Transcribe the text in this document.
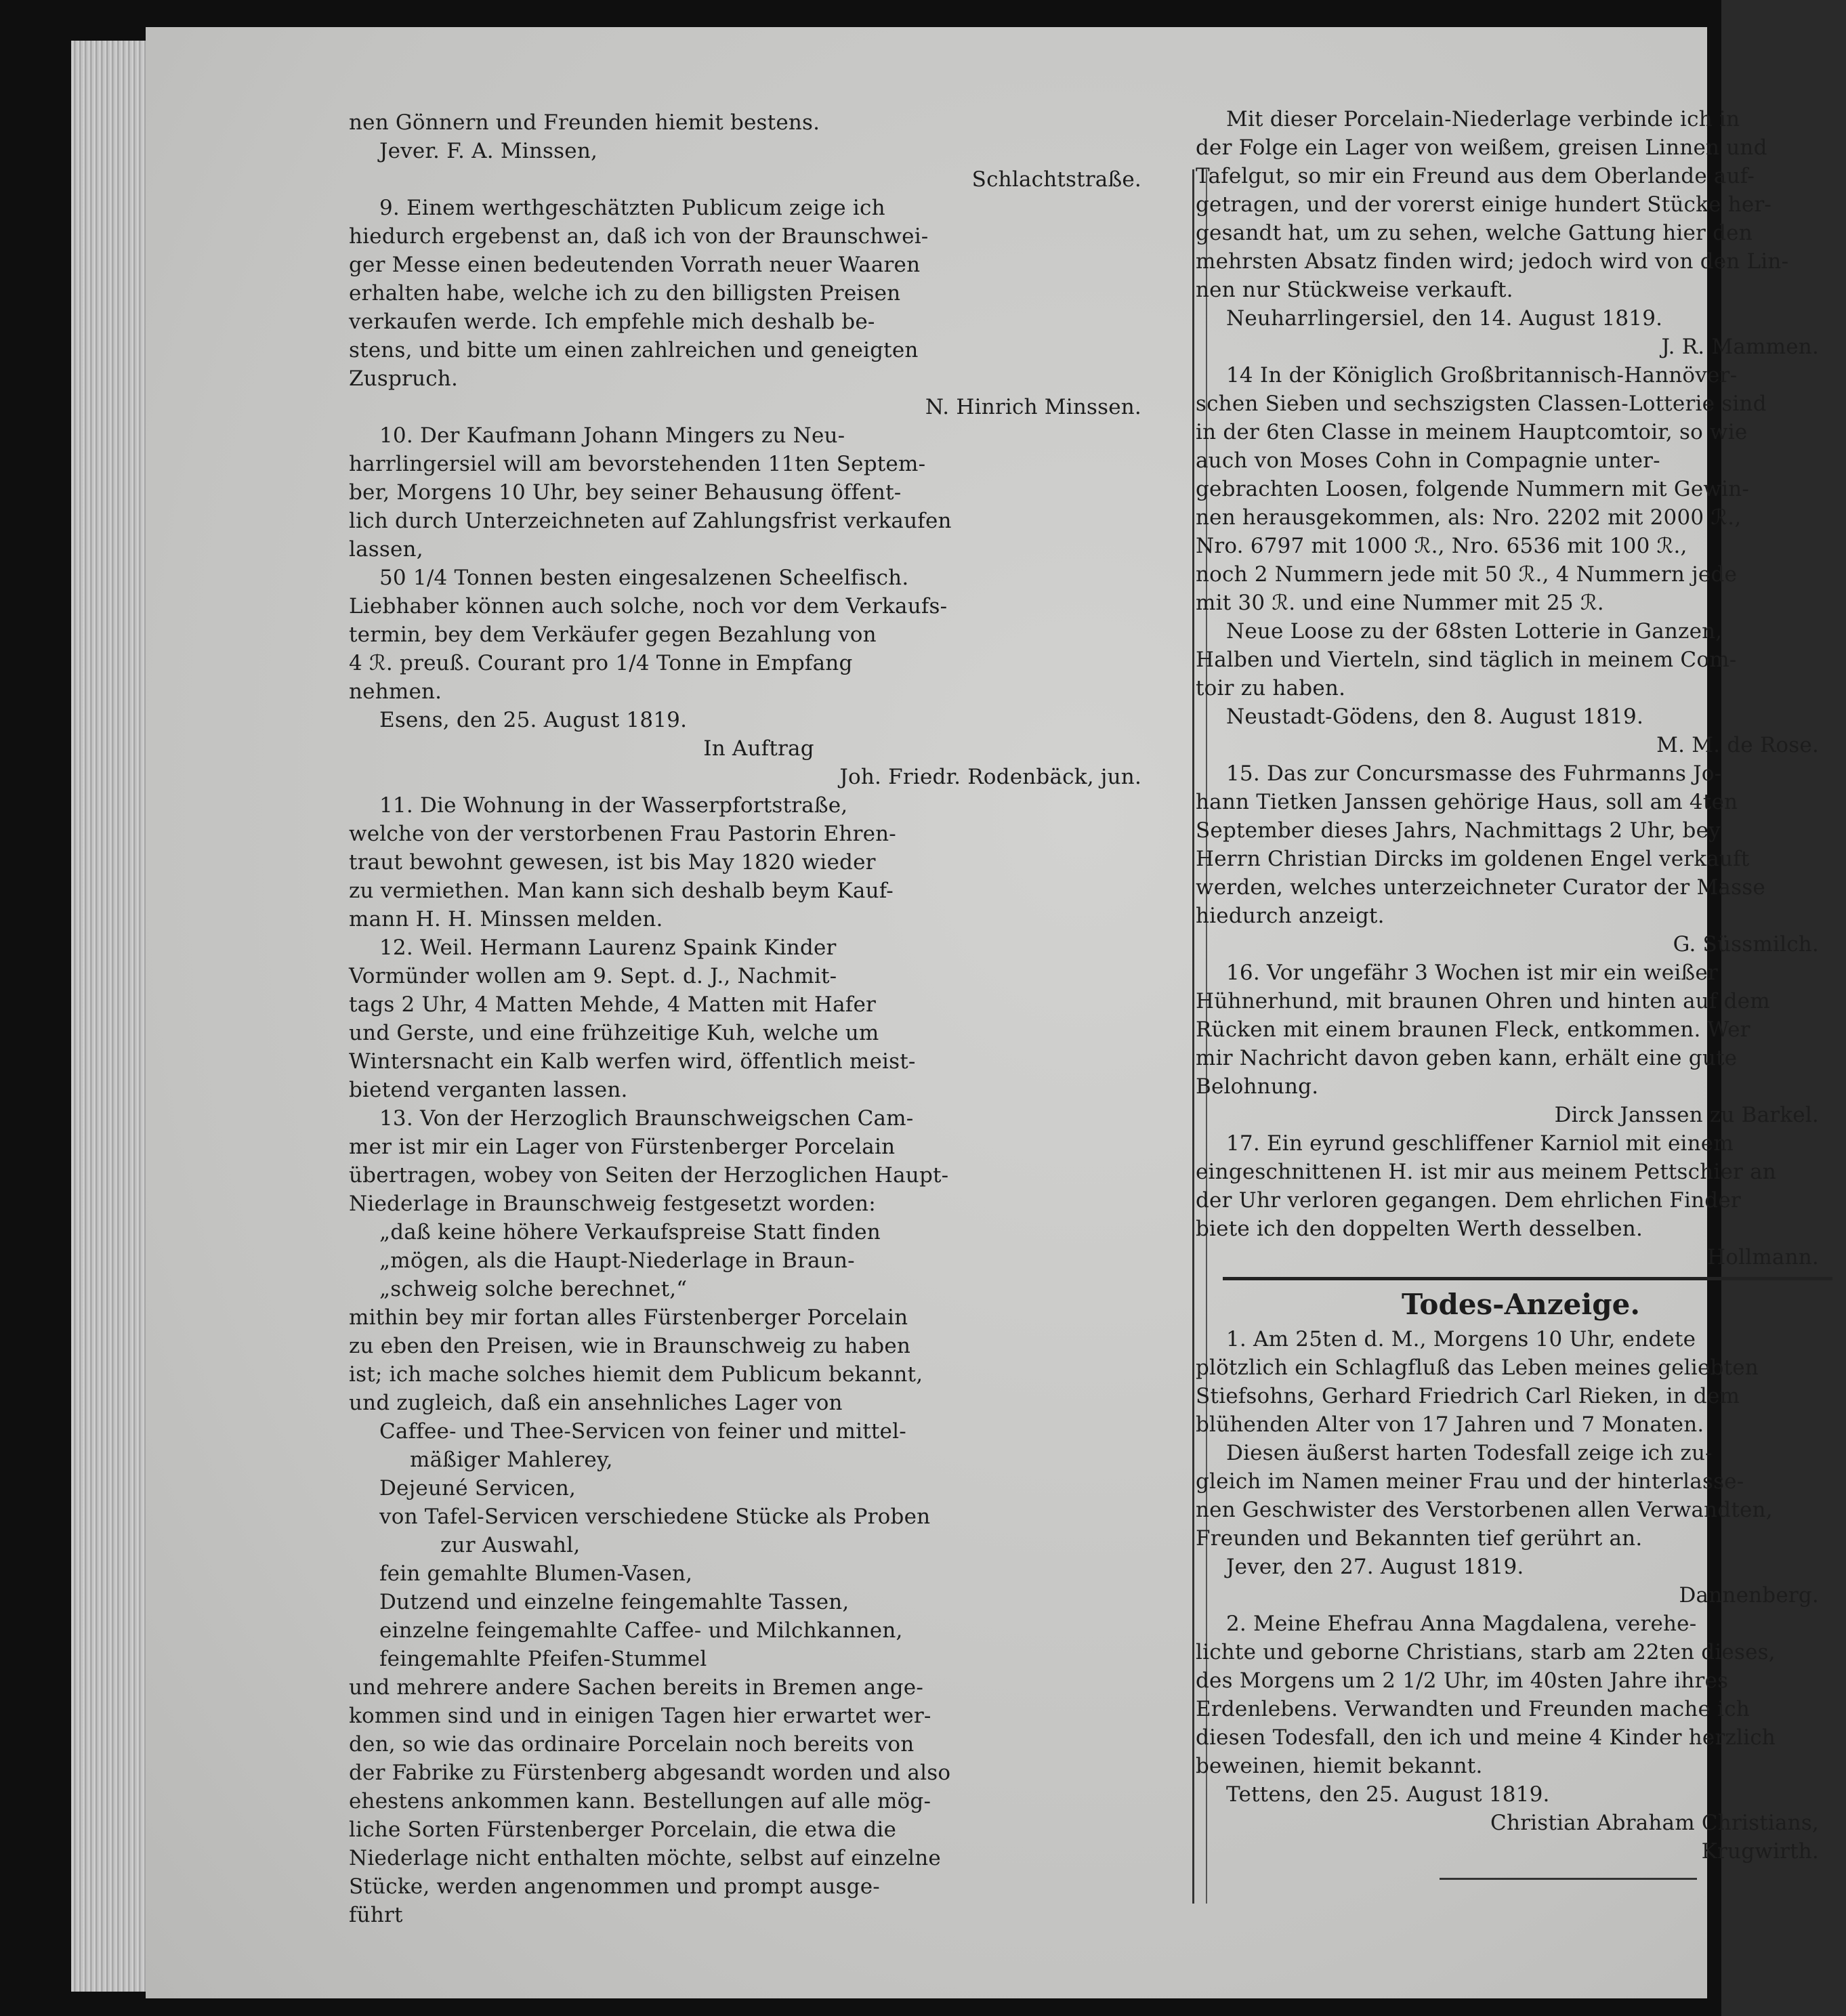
nen Gönnern und Freunden hiemit bestens.
Jever. F. A. Minssen,
Schlachtstraße.
9. Einem werthgeschätzten Publicum zeige ich
hiedurch ergebenst an, daß ich von der Braunschwei-
ger Messe einen bedeutenden Vorrath neuer Waaren
erhalten habe, welche ich zu den billigsten Preisen
verkaufen werde. Ich empfehle mich deshalb be-
stens, und bitte um einen zahlreichen und geneigten
Zuspruch.
N. Hinrich Minssen.
10. Der Kaufmann Johann Mingers zu Neu-
harrlingersiel will am bevorstehenden 11ten Septem-
ber, Morgens 10 Uhr, bey seiner Behausung öffent-
lich durch Unterzeichneten auf Zahlungsfrist verkaufen
lassen,
50 1/4 Tonnen besten eingesalzenen Scheelfisch.
Liebhaber können auch solche, noch vor dem Verkaufs-
termin, bey dem Verkäufer gegen Bezahlung von
4 ℛ. preuß. Courant pro 1/4 Tonne in Empfang
nehmen.
Esens, den 25. August 1819.
In Auftrag
Joh. Friedr. Rodenbäck, jun.
11. Die Wohnung in der Wasserpfortstraße,
welche von der verstorbenen Frau Pastorin Ehren-
traut bewohnt gewesen, ist bis May 1820 wieder
zu vermiethen. Man kann sich deshalb beym Kauf-
mann H. H. Minssen melden.
12. Weil. Hermann Laurenz Spaink Kinder
Vormünder wollen am 9. Sept. d. J., Nachmit-
tags 2 Uhr, 4 Matten Mehde, 4 Matten mit Hafer
und Gerste, und eine frühzeitige Kuh, welche um
Wintersnacht ein Kalb werfen wird, öffentlich meist-
bietend verganten lassen.
13. Von der Herzoglich Braunschweigschen Cam-
mer ist mir ein Lager von Fürstenberger Porcelain
übertragen, wobey von Seiten der Herzoglichen Haupt-
Niederlage in Braunschweig festgesetzt worden:
„daß keine höhere Verkaufspreise Statt finden
„mögen, als die Haupt-Niederlage in Braun-
„schweig solche berechnet,“
mithin bey mir fortan alles Fürstenberger Porcelain
zu eben den Preisen, wie in Braunschweig zu haben
ist; ich mache solches hiemit dem Publicum bekannt,
und zugleich, daß ein ansehnliches Lager von
Caffee- und Thee-Servicen von feiner und mittel-
mäßiger Mahlerey,
Dejeuné Servicen,
von Tafel-Servicen verschiedene Stücke als Proben
zur Auswahl,
fein gemahlte Blumen-Vasen,
Dutzend und einzelne feingemahlte Tassen,
einzelne feingemahlte Caffee- und Milchkannen,
feingemahlte Pfeifen-Stummel
und mehrere andere Sachen bereits in Bremen ange-
kommen sind und in einigen Tagen hier erwartet wer-
den, so wie das ordinaire Porcelain noch bereits von
der Fabrike zu Fürstenberg abgesandt worden und also
ehestens ankommen kann. Bestellungen auf alle mög-
liche Sorten Fürstenberger Porcelain, die etwa die
Niederlage nicht enthalten möchte, selbst auf einzelne
Stücke, werden angenommen und prompt ausge-
führt
Mit dieser Porcelain-Niederlage verbinde ich in
der Folge ein Lager von weißem, greisen Linnen und
Tafelgut, so mir ein Freund aus dem Oberlande auf-
getragen, und der vorerst einige hundert Stücke her-
gesandt hat, um zu sehen, welche Gattung hier den
mehrsten Absatz finden wird; jedoch wird von den Lin-
nen nur Stückweise verkauft.
Neuharrlingersiel, den 14. August 1819.
J. R. Mammen.
14 In der Königlich Großbritannisch-Hannöver-
schen Sieben und sechszigsten Classen-Lotterie sind
in der 6ten Classe in meinem Hauptcomtoir, so wie
auch von Moses Cohn in Compagnie unter-
gebrachten Loosen, folgende Nummern mit Gewin-
nen herausgekommen, als: Nro. 2202 mit 2000 ℛ.,
Nro. 6797 mit 1000 ℛ., Nro. 6536 mit 100 ℛ.,
noch 2 Nummern jede mit 50 ℛ., 4 Nummern jede
mit 30 ℛ. und eine Nummer mit 25 ℛ.
Neue Loose zu der 68sten Lotterie in Ganzen,
Halben und Vierteln, sind täglich in meinem Com-
toir zu haben.
Neustadt-Gödens, den 8. August 1819.
M. M. de Rose.
15. Das zur Concursmasse des Fuhrmanns Jo-
hann Tietken Janssen gehörige Haus, soll am 4ten
September dieses Jahrs, Nachmittags 2 Uhr, bey
Herrn Christian Dircks im goldenen Engel verkauft
werden, welches unterzeichneter Curator der Masse
hiedurch anzeigt.
G. Süssmilch.
16. Vor ungefähr 3 Wochen ist mir ein weißer
Hühnerhund, mit braunen Ohren und hinten auf dem
Rücken mit einem braunen Fleck, entkommen. Wer
mir Nachricht davon geben kann, erhält eine gute
Belohnung.
Dirck Janssen zu Barkel.
17. Ein eyrund geschliffener Karniol mit einem
eingeschnittenen H. ist mir aus meinem Pettschier an
der Uhr verloren gegangen. Dem ehrlichen Finder
biete ich den doppelten Werth desselben.
Hollmann.
Todes-Anzeige.
1. Am 25ten d. M., Morgens 10 Uhr, endete
plötzlich ein Schlagfluß das Leben meines geliebten
Stiefsohns, Gerhard Friedrich Carl Rieken, in dem
blühenden Alter von 17 Jahren und 7 Monaten.
Diesen äußerst harten Todesfall zeige ich zu-
gleich im Namen meiner Frau und der hinterlasse-
nen Geschwister des Verstorbenen allen Verwandten,
Freunden und Bekannten tief gerührt an.
Jever, den 27. August 1819.
Dannenberg.
2. Meine Ehefrau Anna Magdalena, verehe-
lichte und geborne Christians, starb am 22ten dieses,
des Morgens um 2 1/2 Uhr, im 40sten Jahre ihres
Erdenlebens. Verwandten und Freunden mache ich
diesen Todesfall, den ich und meine 4 Kinder herzlich
beweinen, hiemit bekannt.
Tettens, den 25. August 1819.
Christian Abraham Christians,
Krugwirth.
